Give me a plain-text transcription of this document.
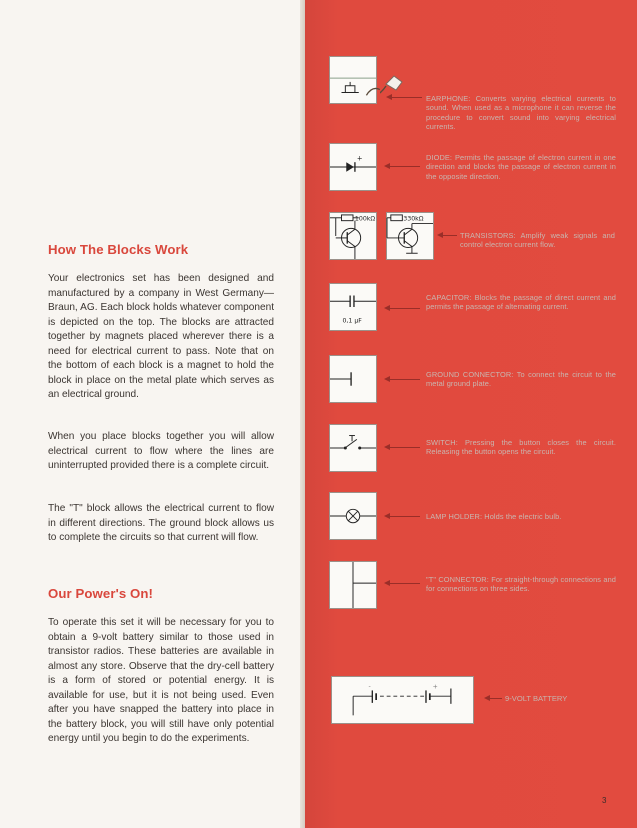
How The Blocks Work

Your electronics set has been designed and manufactured by a company in West Germany—Braun, AG. Each block holds whatever component is depicted on the top. The blocks are attracted together by magnets placed wherever there is a need for electrical current to pass. Note that on the bottom of each block is a magnet to hold the block in place on the metal plate which serves as an electrical ground.

When you place blocks together you will allow electrical current to flow where the lines are uninterrupted provided there is a complete circuit.

The "T" block allows the electrical current to flow in different directions. The ground block allows us to complete the circuits so that current will flow.

Our Power's On!

To operate this set it will be necessary for you to obtain a 9-volt battery similar to those used in transistor radios. These batteries are available in almost any store. Observe that the dry-cell battery is a form of stored or potential energy. It is available for use, but it is not being used. Even after you have snapped the battery into place in the battery block, you will still have only potential energy until you begin to do the experiments.

EARPHONE: Converts varying electrical currents to sound. When used as a microphone it can reverse the procedure to convert sound into varying electrical currents.

+	DIODE: Permits the passage of electron current in one direction and blocks the passage of electron current in the opposite direction.

100kΩ	330kΩ

TRANSISTORS: Amplify weak signals and control electron current flow.

0,1 µF

CAPACITOR: Blocks the passage of direct current and permits the passage of alternating current.

GROUND CONNECTOR: To connect the circuit to the metal ground plate.

SWITCH: Pressing the button closes the circuit. Releasing the button opens the circuit.

LAMP HOLDER: Holds the electric bulb.

"T" CONNECTOR: For straight-through connections and for connections on three sides.

-	+

9-VOLT BATTERY

3
